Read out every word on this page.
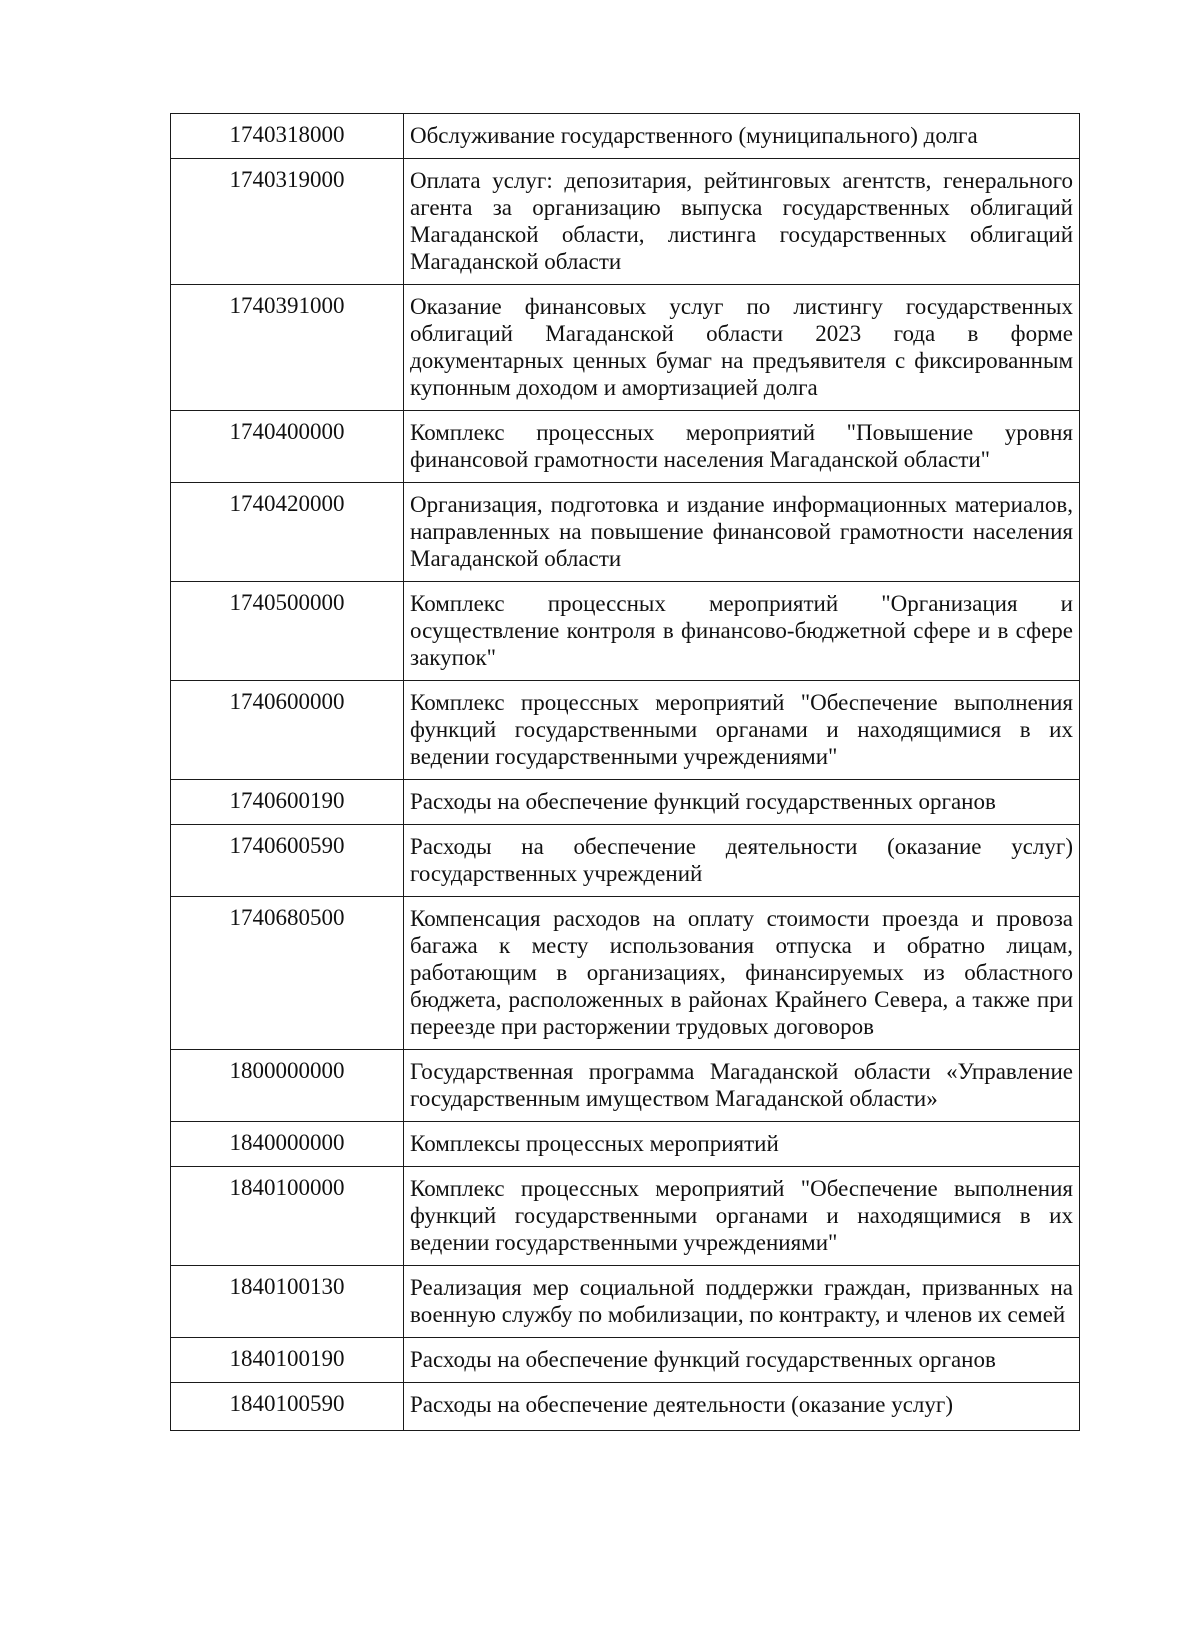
1740318000	Обслуживание государственного (муниципального) долга
1740319000	Оплата услуг: депозитария, рейтинговых агентств, генерального агента за организацию выпуска государственных облигаций Магаданской области, листинга государственных облигаций Магаданской области
1740391000	Оказание финансовых услуг по листингу государственных облигаций Магаданской области 2023 года в форме документарных ценных бумаг на предъявителя с фиксированным купонным доходом и амортизацией долга
1740400000	Комплекс процессных мероприятий "Повышение уровня финансовой грамотности населения Магаданской области"
1740420000	Организация, подготовка и издание информационных материалов, направленных на повышение финансовой грамотности населения Магаданской области
1740500000	Комплекс процессных мероприятий "Организация и осуществление контроля в финансово-бюджетной сфере и в сфере закупок"
1740600000	Комплекс процессных мероприятий "Обеспечение выполнения функций государственными органами и находящимися в их ведении государственными учреждениями"
1740600190	Расходы на обеспечение функций государственных органов
1740600590	Расходы на обеспечение деятельности (оказание услуг) государственных учреждений
1740680500	Компенсация расходов на оплату стоимости проезда и провоза багажа к месту использования отпуска и обратно лицам, работающим в организациях, финансируемых из областного бюджета, расположенных в районах Крайнего Севера, а также при переезде при расторжении трудовых договоров
1800000000	Государственная программа Магаданской области «Управление государственным имуществом Магаданской области»
1840000000	Комплексы процессных мероприятий
1840100000	Комплекс процессных мероприятий "Обеспечение выполнения функций государственными органами и находящимися в их ведении государственными учреждениями"
1840100130	Реализация мер социальной поддержки граждан, призванных на военную службу по мобилизации, по контракту, и членов их семей
1840100190	Расходы на обеспечение функций государственных органов
1840100590	Расходы на обеспечение деятельности (оказание услуг)
